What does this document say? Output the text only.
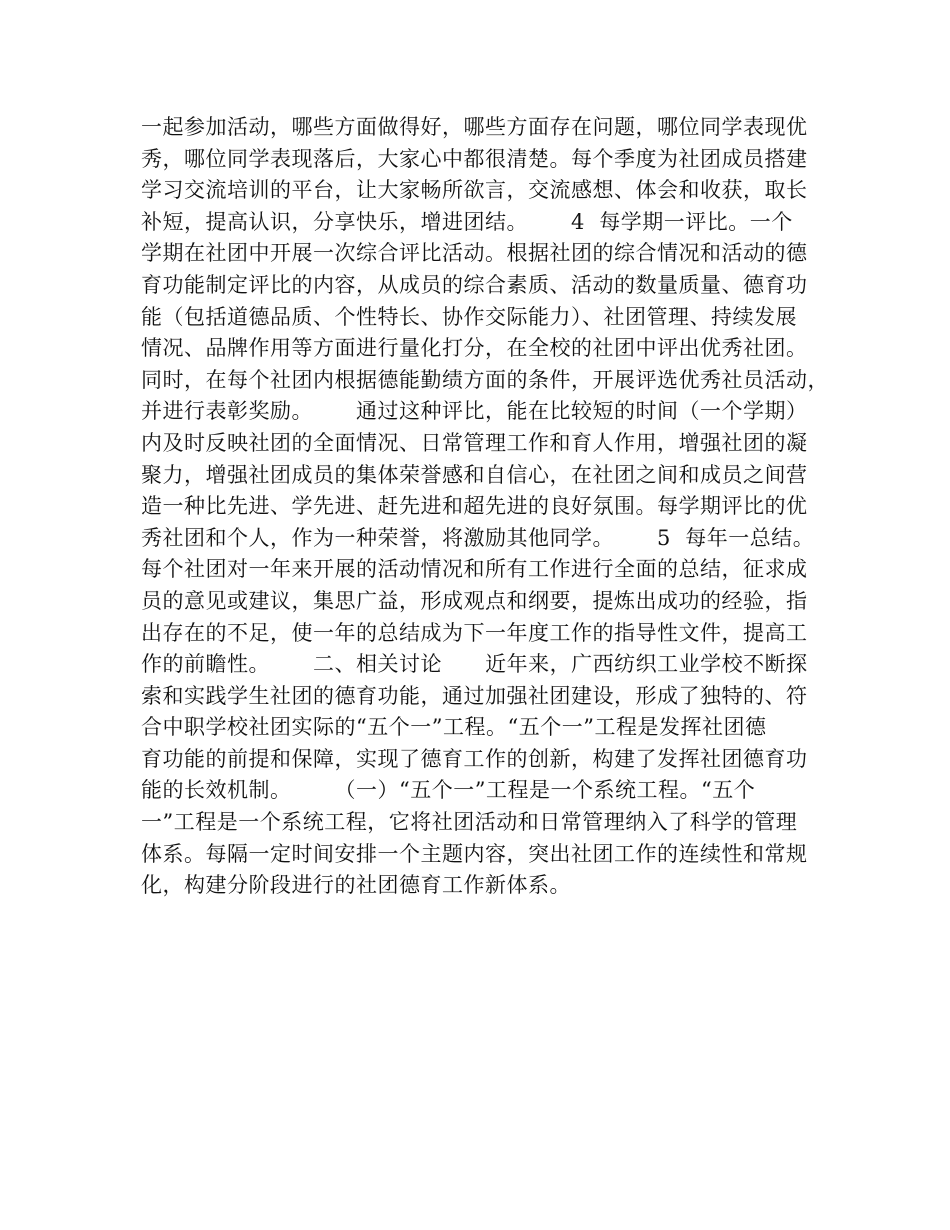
一起参加活动，哪些方面做得好，哪些方面存在问题，哪位同学表现优
秀，哪位同学表现落后，大家心中都很清楚。每个季度为社团成员搭建
学习交流培训的平台，让大家畅所欲言，交流感想、体会和收获，取长
补短，提高认识，分享快乐，增进团结。      4  每学期一评比。一个
学期在社团中开展一次综合评比活动。根据社团的综合情况和活动的德
育功能制定评比的内容，从成员的综合素质、活动的数量质量、德育功
能（包括道德品质、个性特长、协作交际能力）、社团管理、持续发展
情况、品牌作用等方面进行量化打分，在全校的社团中评出优秀社团。
同时，在每个社团内根据德能勤绩方面的条件，开展评选优秀社员活动，
并进行表彰奖励。      通过这种评比，能在比较短的时间（一个学期）
内及时反映社团的全面情况、日常管理工作和育人作用，增强社团的凝
聚力，增强社团成员的集体荣誉感和自信心，在社团之间和成员之间营
造一种比先进、学先进、赶先进和超先进的良好氛围。每学期评比的优
秀社团和个人，作为一种荣誉，将激励其他同学。      5  每年一总结。
每个社团对一年来开展的活动情况和所有工作进行全面的总结，征求成
员的意见或建议，集思广益，形成观点和纲要，提炼出成功的经验，指
出存在的不足，使一年的总结成为下一年度工作的指导性文件，提高工
作的前瞻性。      二、相关讨论      近年来，广西纺织工业学校不断探
索和实践学生社团的德育功能，通过加强社团建设，形成了独特的、符
合中职学校社团实际的“五个一”工程。“五个一”工程是发挥社团德
育功能的前提和保障，实现了德育工作的创新，构建了发挥社团德育功
能的长效机制。      （一）“五个一”工程是一个系统工程。“五个
一”工程是一个系统工程，它将社团活动和日常管理纳入了科学的管理
体系。每隔一定时间安排一个主题内容，突出社团工作的连续性和常规
化，构建分阶段进行的社团德育工作新体系。
